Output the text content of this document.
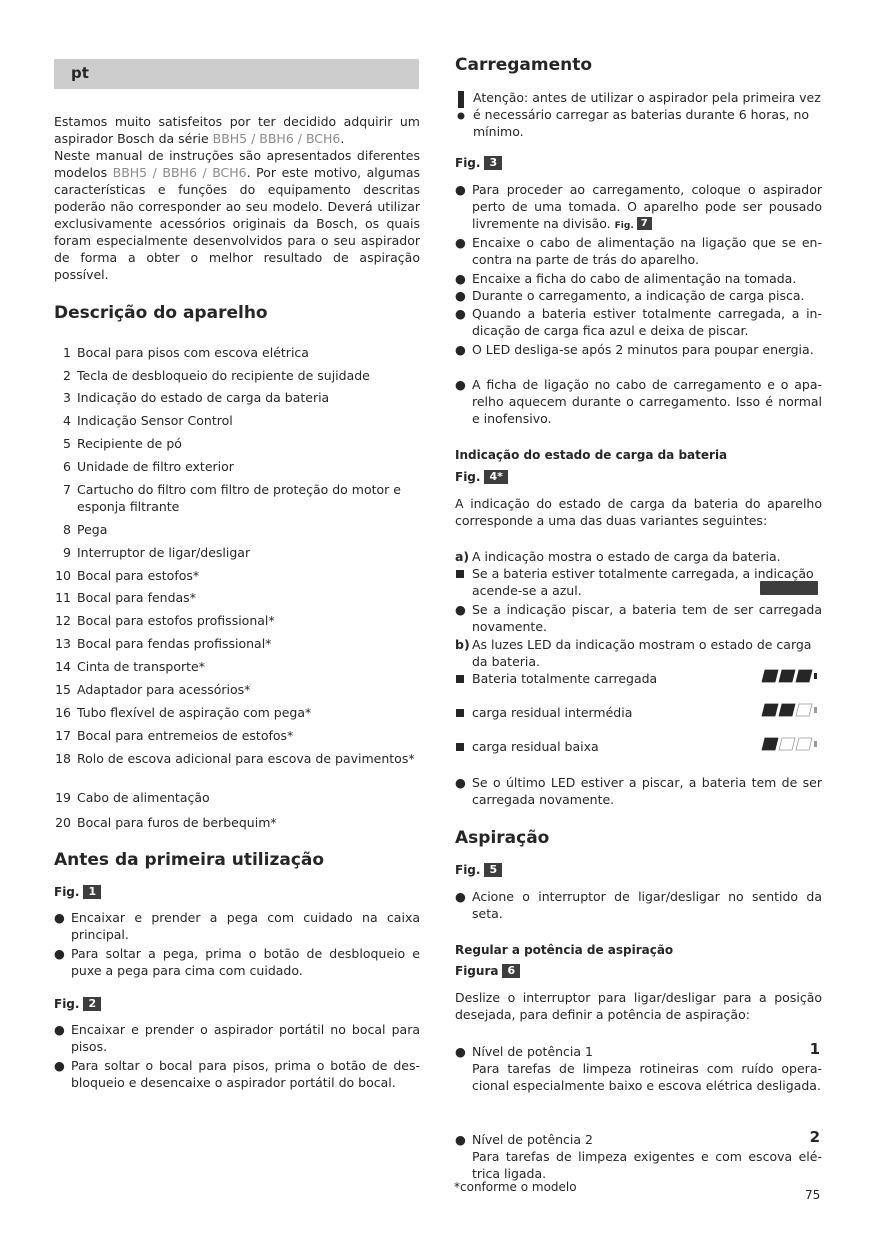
pt
Estamos muito satisfeitos por ter decidido adquirir um aspirador Bosch da série BBH5 / BBH6 / BCH6.
Neste manual de instruções são apresentados diferentes modelos BBH5 / BBH6 / BCH6. Por este motivo, algumas características e funções do equipamento descritas poderão não corresponder ao seu modelo. Deverá utilizar exclusivamente acessórios originais da Bosch, os quais foram especialmente desenvolvidos para o seu aspirador de forma a obter o melhor resultado de aspiração possível.
Descrição do aparelho
1 Bocal para pisos com escova elétrica
2 Tecla de desbloqueio do recipiente de sujidade
3 Indicação do estado de carga da bateria
4 Indicação Sensor Control
5 Recipiente de pó
6 Unidade de filtro exterior
7 Cartucho do filtro com filtro de proteção do motor e esponja filtrante
8 Pega
9 Interruptor de ligar/desligar
10 Bocal para estofos*
11 Bocal para fendas*
12 Bocal para estofos profissional*
13 Bocal para fendas profissional*
14 Cinta de transporte*
15 Adaptador para acessórios*
16 Tubo flexível de aspiração com pega*
17 Bocal para entremeios de estofos*
18 Rolo de escova adicional para escova de pavimentos*
19 Cabo de alimentação
20 Bocal para furos de berbequim*
Antes da primeira utilização
Fig. 1
● Encaixar e prender a pega com cuidado na caixa principal.
● Para soltar a pega, prima o botão de desbloqueio e puxe a pega para cima com cuidado.
Fig. 2
● Encaixar e prender o aspirador portátil no bocal para pisos.
● Para soltar o bocal para pisos, prima o botão de desbloqueio e desencaixe o aspirador portátil do bocal.
Carregamento
Atenção: antes de utilizar o aspirador pela primeira vez é necessário carregar as baterias durante 6 horas, no mínimo.
Fig. 3
● Para proceder ao carregamento, coloque o aspirador perto de uma tomada. O aparelho pode ser pousado livremente na divisão. Fig. 7
● Encaixe o cabo de alimentação na ligação que se encontra na parte de trás do aparelho.
● Encaixe a ficha do cabo de alimentação na tomada.
● Durante o carregamento, a indicação de carga pisca.
● Quando a bateria estiver totalmente carregada, a indicação de carga fica azul e deixa de piscar.
● O LED desliga-se após 2 minutos para poupar energia.
● A ficha de ligação no cabo de carregamento e o aparelho aquecem durante o carregamento. Isso é normal e inofensivo.
Indicação do estado de carga da bateria
Fig. 4*
A indicação do estado de carga da bateria do aparelho corresponde a uma das duas variantes seguintes:
a) A indicação mostra o estado de carga da bateria.
Se a bateria estiver totalmente carregada, a indicação acende-se a azul.
● Se a indicação piscar, a bateria tem de ser carregada novamente.
b) As luzes LED da indicação mostram o estado de carga da bateria.
Bateria totalmente carregada
carga residual intermédia
carga residual baixa
● Se o último LED estiver a piscar, a bateria tem de ser carregada novamente.
Aspiração
Fig. 5
● Acione o interruptor de ligar/desligar no sentido da seta.
Regular a potência de aspiração
Figura 6
Deslize o interruptor para ligar/desligar para a posição desejada, para definir a potência de aspiração:
● Nível de potência 1
Para tarefas de limpeza rotineiras com ruído operacional especialmente baixo e escova elétrica desligada.
1
● Nível de potência 2
Para tarefas de limpeza exigentes e com escova elétrica ligada.
2
*conforme o modelo
75
